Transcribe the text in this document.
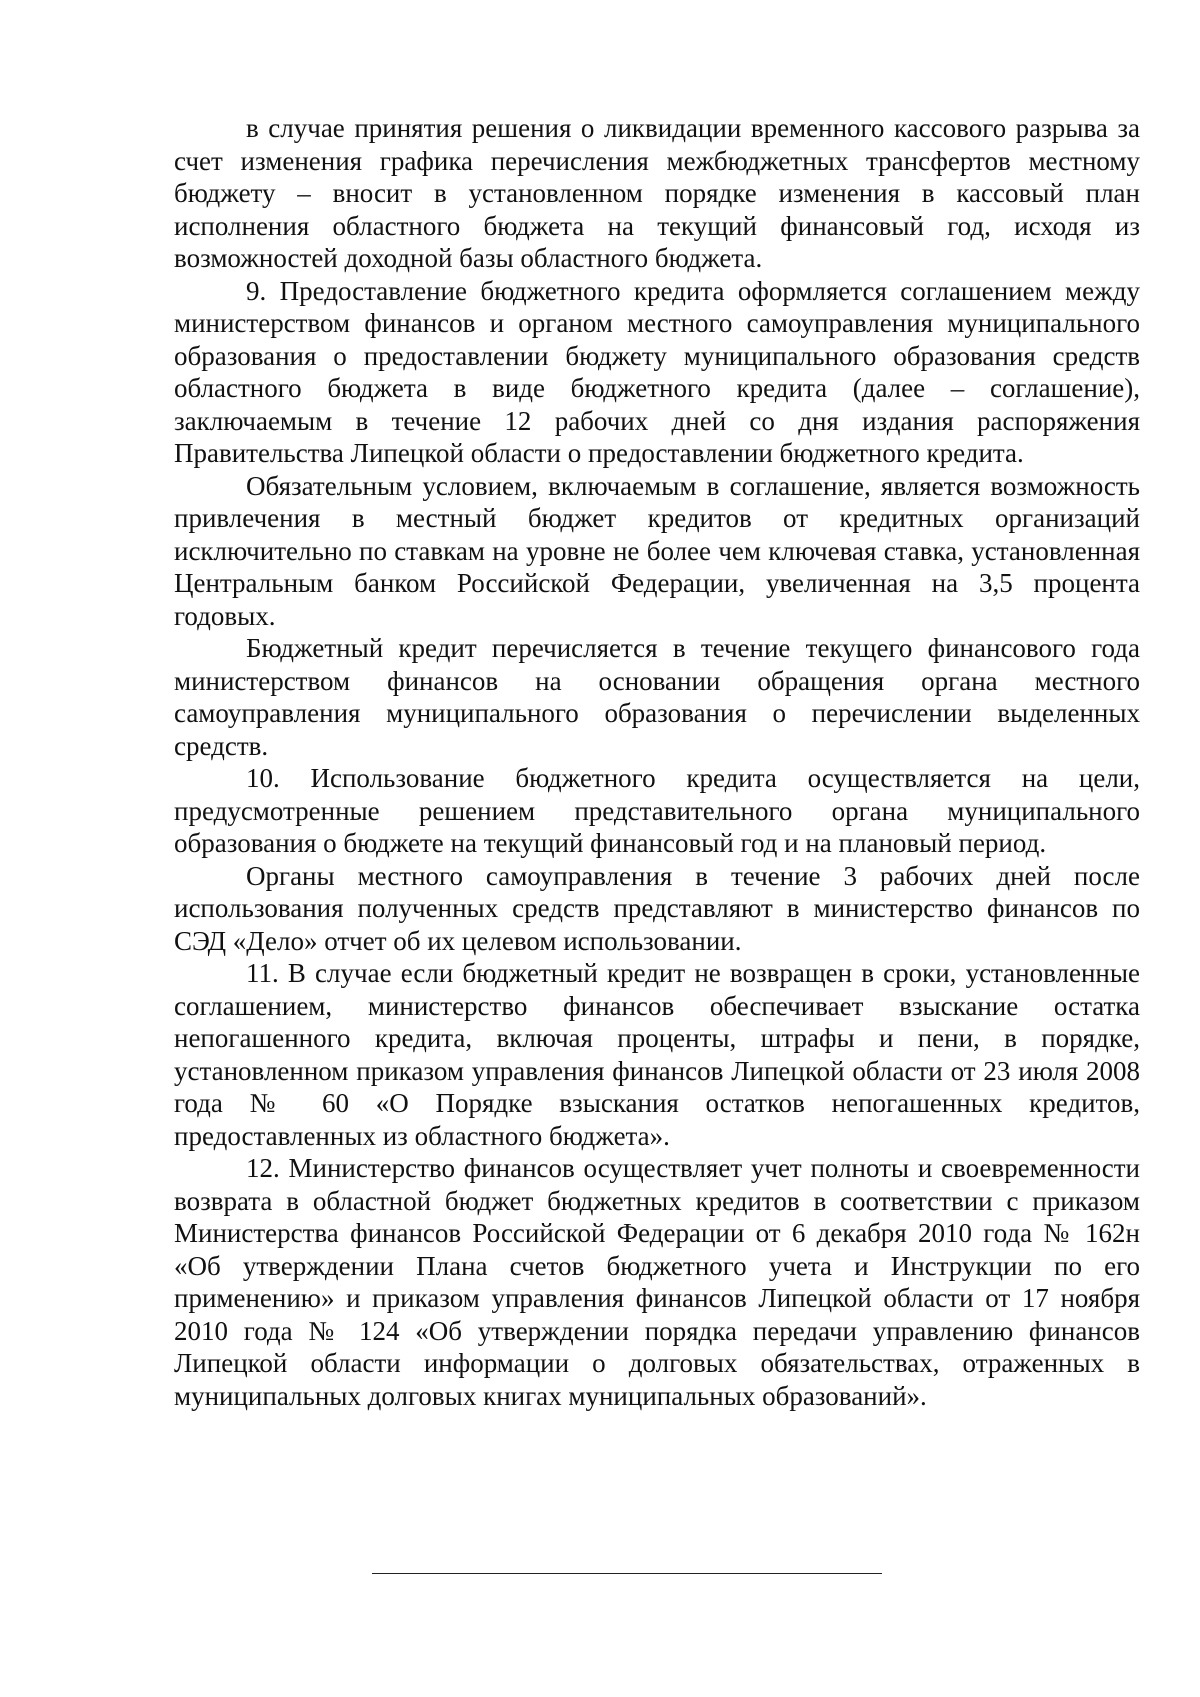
в случае принятия решения о ликвидации временного кассового разрыва за счет изменения графика перечисления межбюджетных трансфертов местному бюджету – вносит в установленном порядке изменения в кассовый план исполнения областного бюджета на текущий финансовый год, исходя из возможностей доходной базы областного бюджета.

9. Предоставление бюджетного кредита оформляется соглашением между министерством финансов и органом местного самоуправления муниципального образования о предоставлении бюджету муниципального образования средств областного бюджета в виде бюджетного кредита (далее – соглашение), заключаемым в течение 12 рабочих дней со дня издания распоряжения Правительства Липецкой области о предоставлении бюджетного кредита.

Обязательным условием, включаемым в соглашение, является возможность привлечения в местный бюджет кредитов от кредитных организаций исключительно по ставкам на уровне не более чем ключевая ставка, установленная Центральным банком Российской Федерации, увеличенная на 3,5 процента годовых.

Бюджетный кредит перечисляется в течение текущего финансового года министерством финансов на основании обращения органа местного самоуправления муниципального образования о перечислении выделенных средств.

10. Использование бюджетного кредита осуществляется на цели, предусмотренные решением представительного органа муниципального образования о бюджете на текущий финансовый год и на плановый период.

Органы местного самоуправления в течение 3 рабочих дней после использования полученных средств представляют в министерство финансов по СЭД «Дело» отчет об их целевом использовании.

11. В случае если бюджетный кредит не возвращен в сроки, установленные соглашением, министерство финансов обеспечивает взыскание остатка непогашенного кредита, включая проценты, штрафы и пени, в порядке, установленном приказом управления финансов Липецкой области от 23 июля 2008 года № 60 «О Порядке взыскания остатков непогашенных кредитов, предоставленных из областного бюджета».

12. Министерство финансов осуществляет учет полноты и своевременности возврата в областной бюджет бюджетных кредитов в соответствии с приказом Министерства финансов Российской Федерации от 6 декабря 2010 года № 162н «Об утверждении Плана счетов бюджетного учета и Инструкции по его применению» и приказом управления финансов Липецкой области от 17 ноября 2010 года № 124 «Об утверждении порядка передачи управлению финансов Липецкой области информации о долговых обязательствах, отраженных в муниципальных долговых книгах муниципальных образований».
